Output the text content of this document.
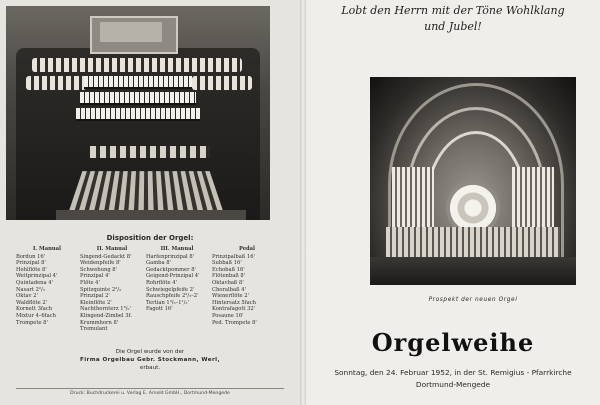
Disposition der Orgel:
I. Manual
Bordun 16'
Prinzipal 8'
Hohlflöte 8'
Weitprinzipal 4'
Quintadena 4'
Nasart 2²/₃
Oktav 2'
Waldflöte 2'
Kornett 3fach
Mixtur 4–6fach
Trompete 8'
II. Manual
Singend-Gedackt 8'
Weidenpfeife 8'
Schwebung 8'
Prinzipal 4'
Flöte 4'
Spitzquinte 2²/₃
Prinzipal 2'
Kleinflöte 2'
Nachthornterz 1³/₅'
Klingend-Zimbel 3f.
Krummhorn 8'
Tremulant
III. Manual
Harfenprinzipal 8'
Gamba 8'
Gedacktpommer 8'
Geigend-Prinzipal 4'
Rohrflöte 4'
Schwiegelpfeife 2'
Rauschpfeife 2²/₃–2'
Tertian 1³/₅–1¹/₃'
Fagott 16'
Pedal
Prinzipalbaß 16'
Subbaß 16'
Echobaß 16'
Flötenbaß 8'
Oktavbaß 8'
Choralbaß 4'
Wienerflöte 2'
Hintersatz 5fach
Kontrafagott 32'
Posaune 16'
Ped. Trompete 8'
Die Orgel wurde von der
Firma Orgelbau Gebr. Stockmann, Werl,
erbaut.
Druck: Buchdruckerei u. Verlag E. Arnold GmbH., Dortmund-Mengede
Lobt den Herrn mit der Töne Wohlklang
und Jubel!
Prospekt der neuen Orgel
Orgelweihe
Sonntag, den 24. Februar 1952, in der St. Remigius - Pfarrkirche
Dortmund-Mengede
